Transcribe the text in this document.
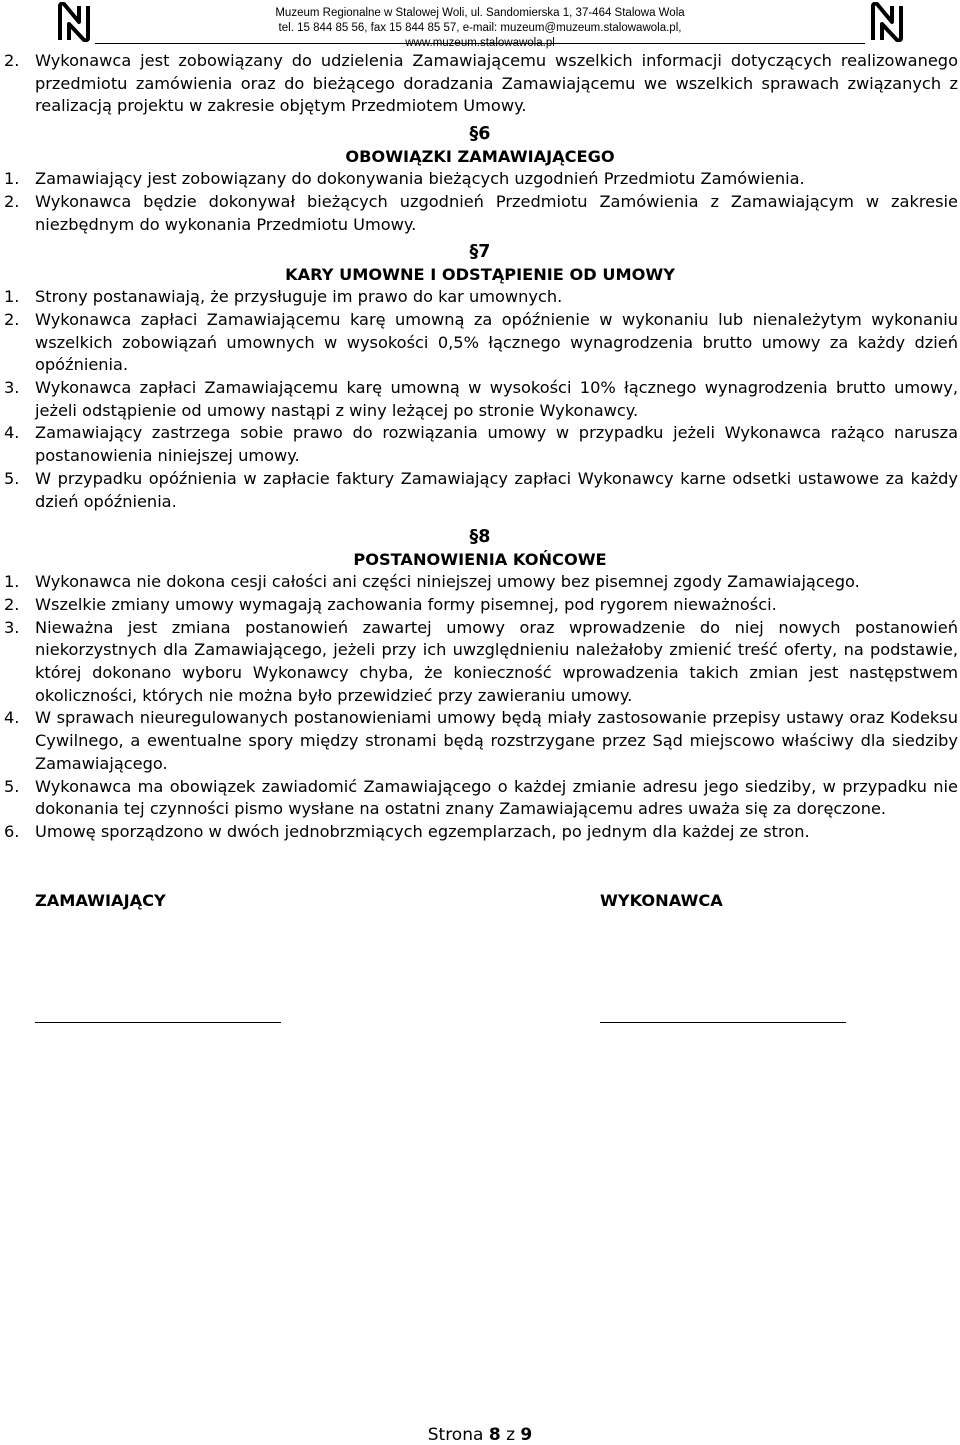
Muzeum Regionalne w Stalowej Woli, ul. Sandomierska 1, 37-464 Stalowa Wola
tel. 15 844 85 56, fax 15 844 85 57, e-mail: muzeum@muzeum.stalowawola.pl, www.muzeum.stalowawola.pl
2. Wykonawca jest zobowiązany do udzielenia Zamawiającemu wszelkich informacji dotyczących realizowanego przedmiotu zamówienia oraz do bieżącego doradzania Zamawiającemu we wszelkich sprawach związanych z realizacją projektu w zakresie objętym Przedmiotem Umowy.
§6
OBOWIĄZKI ZAMAWIAJĄCEGO
1. Zamawiający jest zobowiązany do dokonywania bieżących uzgodnień Przedmiotu Zamówienia.
2. Wykonawca będzie dokonywał bieżących uzgodnień Przedmiotu Zamówienia z Zamawiającym w zakresie niezbędnym do wykonania Przedmiotu Umowy.
§7
KARY UMOWNE I ODSTĄPIENIE OD UMOWY
1. Strony postanawiają, że przysługuje im prawo do kar umownych.
2. Wykonawca zapłaci Zamawiającemu karę umowną za opóźnienie w wykonaniu lub nienależytym wykonaniu wszelkich zobowiązań umownych w wysokości 0,5% łącznego wynagrodzenia brutto umowy za każdy dzień opóźnienia.
3. Wykonawca zapłaci Zamawiającemu karę umowną w wysokości 10% łącznego wynagrodzenia brutto umowy, jeżeli odstąpienie od umowy nastąpi z winy leżącej po stronie Wykonawcy.
4. Zamawiający zastrzega sobie prawo do rozwiązania umowy w przypadku jeżeli Wykonawca rażąco narusza postanowienia niniejszej umowy.
5. W przypadku opóźnienia w zapłacie faktury Zamawiający zapłaci Wykonawcy karne odsetki ustawowe za każdy dzień opóźnienia.
§8
POSTANOWIENIA KOŃCOWE
1. Wykonawca nie dokona cesji całości ani części niniejszej umowy bez pisemnej zgody Zamawiającego.
2. Wszelkie zmiany umowy wymagają zachowania formy pisemnej, pod rygorem nieważności.
3. Nieważna jest zmiana postanowień zawartej umowy oraz wprowadzenie do niej nowych postanowień niekorzystnych dla Zamawiającego, jeżeli przy ich uwzględnieniu należałoby zmienić treść oferty, na podstawie, której dokonano wyboru Wykonawcy chyba, że konieczność wprowadzenia takich zmian jest następstwem okoliczności, których nie można było przewidzieć przy zawieraniu umowy.
4. W sprawach nieuregulowanych postanowieniami umowy będą miały zastosowanie przepisy ustawy oraz Kodeksu Cywilnego, a ewentualne spory między stronami będą rozstrzygane przez Sąd miejscowo właściwy dla siedziby Zamawiającego.
5. Wykonawca ma obowiązek zawiadomić Zamawiającego o każdej zmianie adresu jego siedziby, w przypadku nie dokonania tej czynności pismo wysłane na ostatni znany Zamawiającemu adres uważa się za doręczone.
6. Umowę sporządzono w dwóch jednobrzmiących egzemplarzach, po jednym dla każdej ze stron.
ZAMAWIAJĄCY	WYKONAWCA
Strona 8 z 9
